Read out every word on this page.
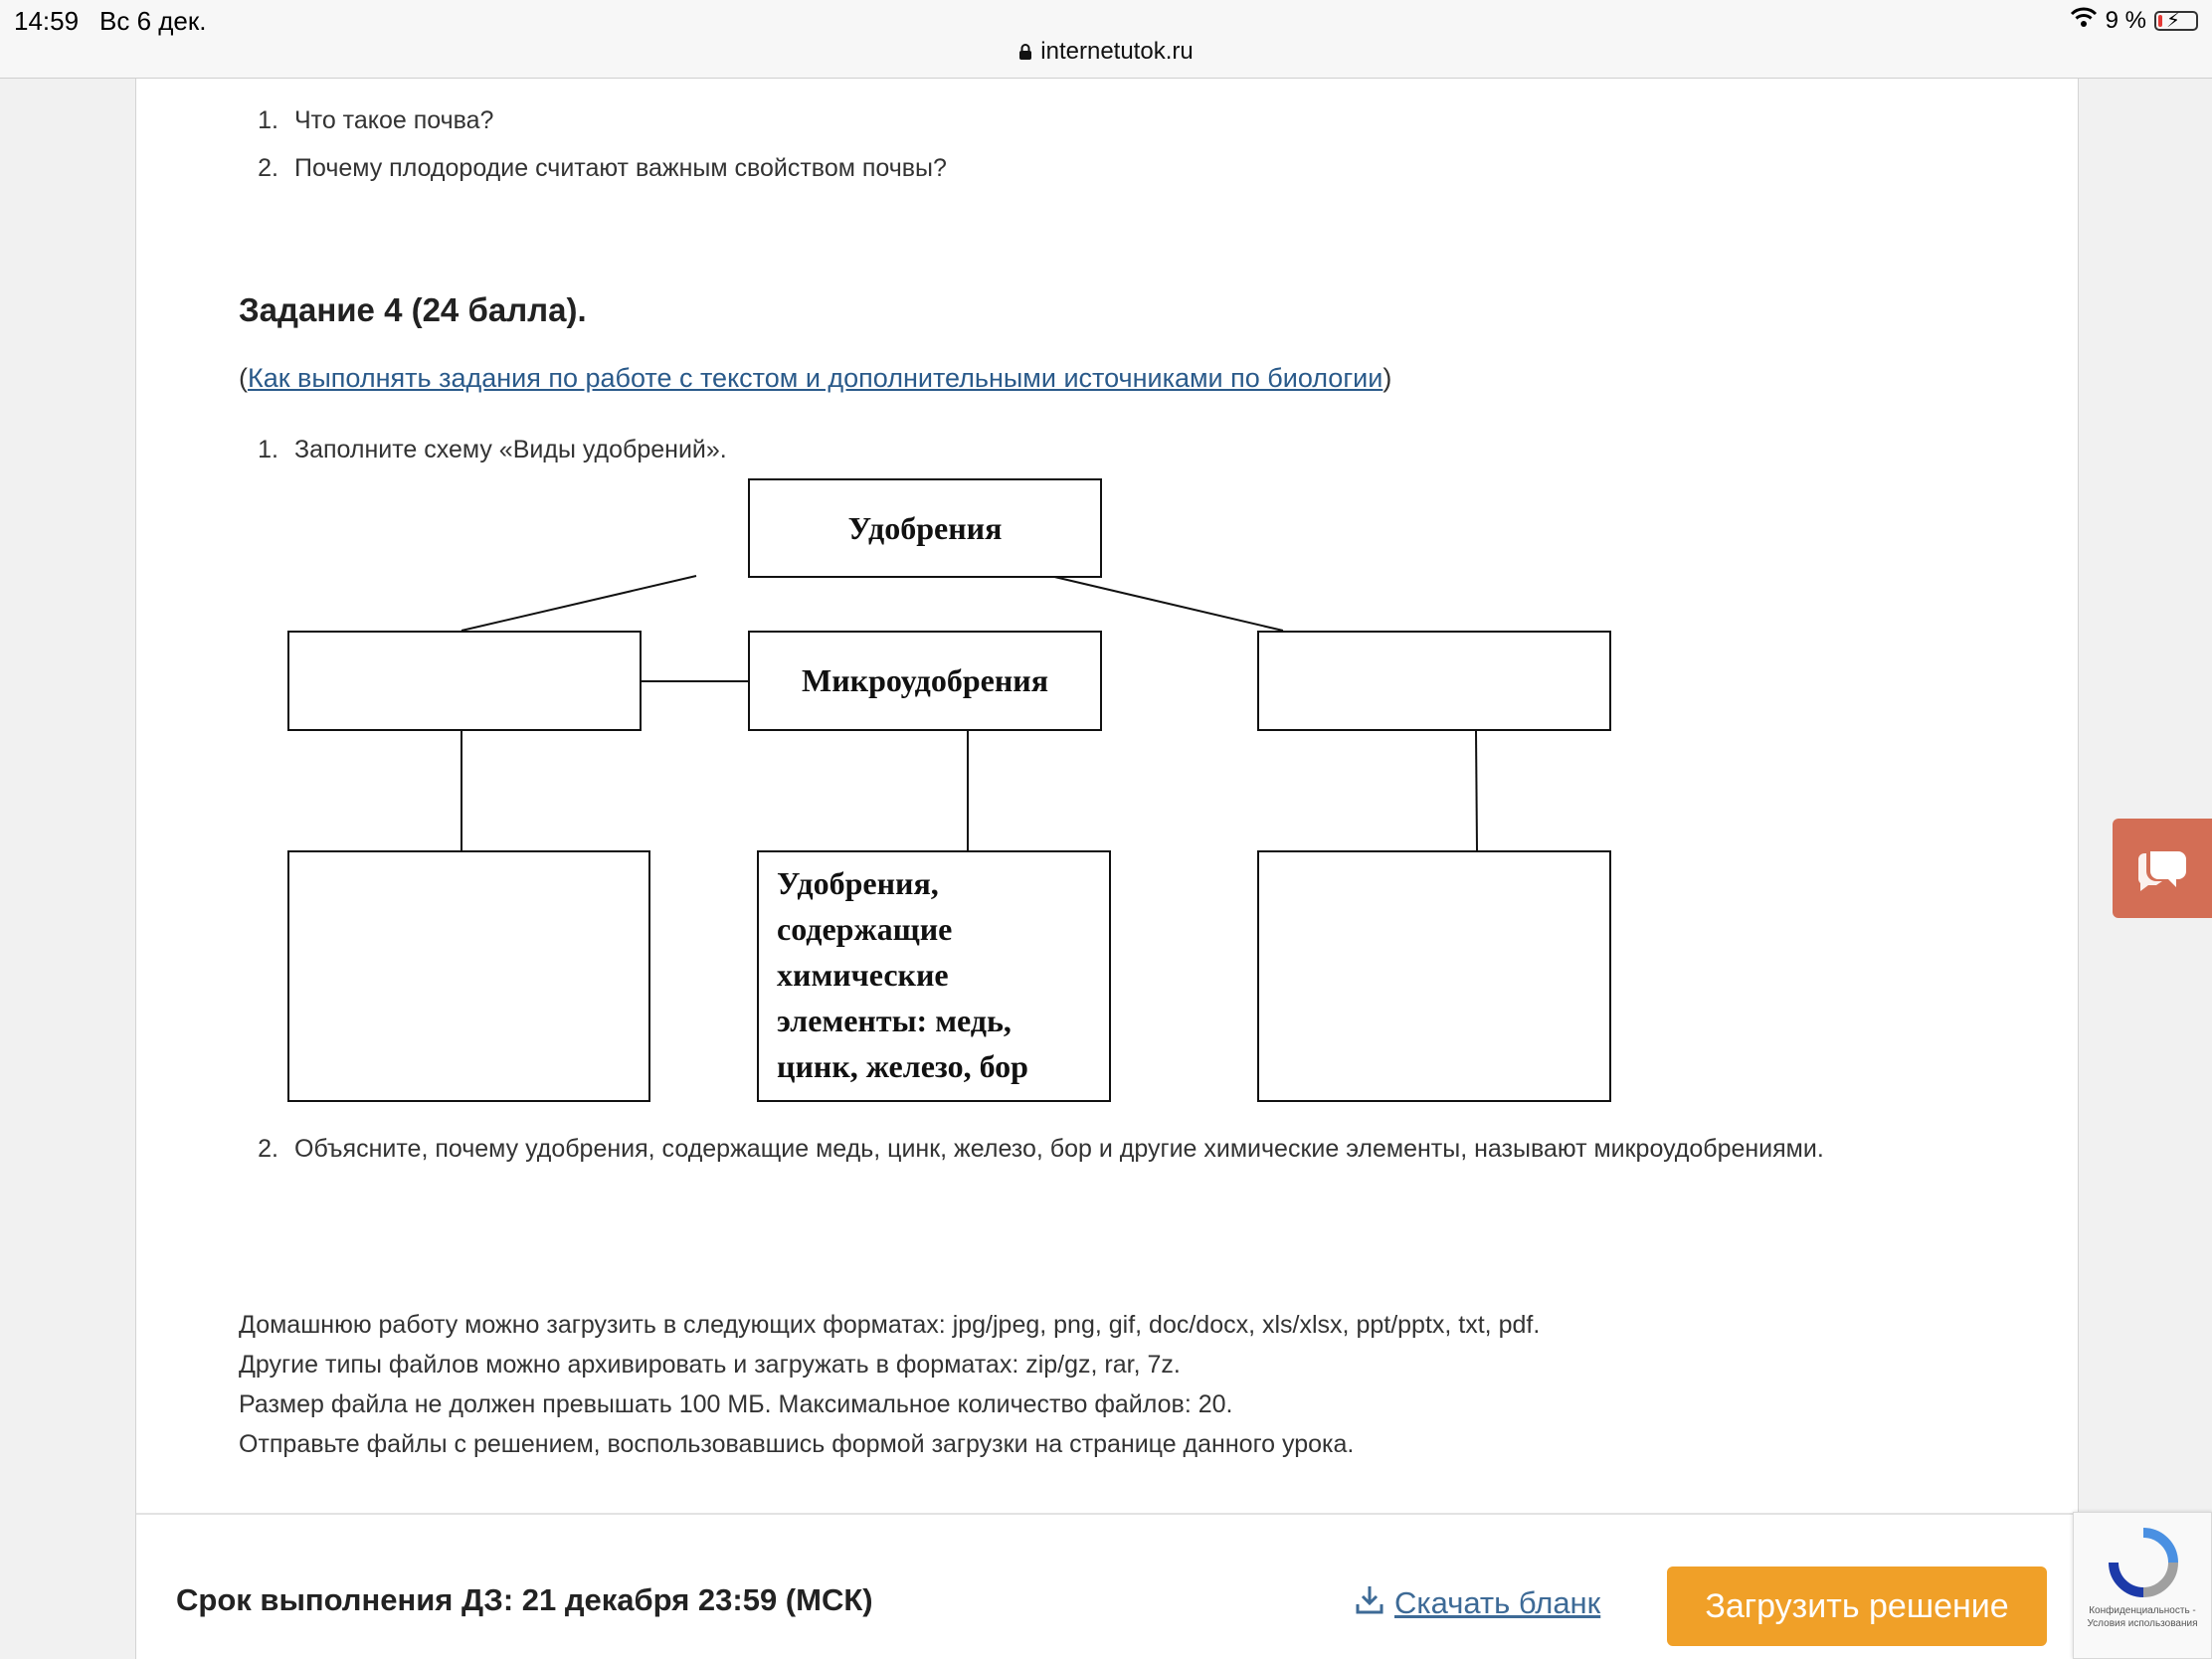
14:59 Вс 6 дек.
internetutok.ru
9 % ⚡
1. Что такое почва?
2. Почему плодородие считают важным свойством почвы?
Задание 4 (24 балла).
(Как выполнять задания по работе с текстом и дополнительными источниками по биологии)
1. Заполните схему «Виды удобрений».
Удобрения
Микроудобрения
Удобрения,
содержащие
химические
элементы: медь,
цинк, железо, бор
2. Объясните, почему удобрения, содержащие медь, цинк, железо, бор и другие химические элементы, называют микроудобрениями.
Домашнюю работу можно загрузить в следующих форматах: jpg/jpeg, png, gif, doc/docx, xls/xlsx, ppt/pptx, txt, pdf.
Другие типы файлов можно архивировать и загружать в форматах: zip/gz, rar, 7z.
Размер файла не должен превышать 100 МБ. Максимальное количество файлов: 20.
Отправьте файлы с решением, воспользовавшись формой загрузки на странице данного урока.
Срок выполнения ДЗ: 21 декабря 23:59 (МСК)	Скачать бланк	Загрузить решение	Конфиденциальность - Условия использования
